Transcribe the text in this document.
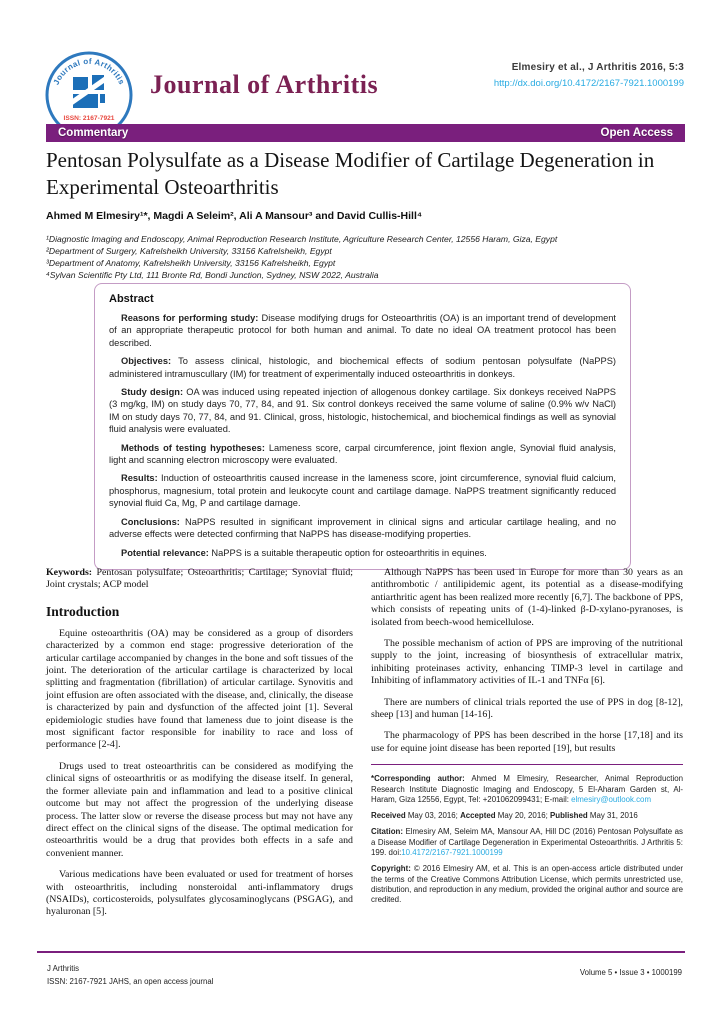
Journal of Arthritis
ISSN: 2167-7921
Journal of Arthritis
Elmesiry et al., J Arthritis 2016, 5:3
http://dx.doi.org/10.4172/2167-7921.1000199
Commentary	Open Access
Pentosan Polysulfate as a Disease Modifier of Cartilage Degeneration in Experimental Osteoarthritis
Ahmed M Elmesiry¹*, Magdi A Seleim², Ali A Mansour³ and David Cullis-Hill⁴
¹Diagnostic Imaging and Endoscopy, Animal Reproduction Research Institute, Agriculture Research Center, 12556 Haram, Giza, Egypt
²Department of Surgery, Kafrelsheikh University, 33156 Kafrelsheikh, Egypt
³Department of Anatomy, Kafrelsheikh University, 33156 Kafrelsheikh, Egypt
⁴Sylvan Scientific Pty Ltd, 111 Bronte Rd, Bondi Junction, Sydney, NSW 2022, Australia
Abstract

Reasons for performing study: Disease modifying drugs for Osteoarthritis (OA) is an important trend of development of an appropriate therapeutic protocol for both human and animal. To date no ideal OA treatment protocol has been described.

Objectives: To assess clinical, histologic, and biochemical effects of sodium pentosan polysulfate (NaPPS) administered intramuscullary (IM) for treatment of experimentally induced osteoarthritis in donkeys.

Study design: OA was induced using repeated injection of allogenous donkey cartilage. Six donkeys received NaPPS (3 mg/kg, IM) on study days 70, 77, 84, and 91. Six control donkeys received the same volume of saline (0.9% w/v NaCl) IM on study days 70, 77, 84, and 91. Clinical, gross, histologic, histochemical, and biochemical findings as well as synovial fluid analysis were evaluated.

Methods of testing hypotheses: Lameness score, carpal circumference, joint flexion angle, Synovial fluid analysis, light and scanning electron microscopy were evaluated.

Results: Induction of osteoarthritis caused increase in the lameness score, joint circumference, synovial fluid calcium, phosphorus, magnesium, total protein and leukocyte count and cartilage damage. NaPPS treatment significantly reduced synovial fluid Ca, Mg, P and cartilage damage.

Conclusions: NaPPS resulted in significant improvement in clinical signs and articular cartilage healing, and no adverse effects were detected confirming that NaPPS has disease-modifying properties.

Potential relevance: NaPPS is a suitable therapeutic option for osteoarthritis in equines.

Keywords: Pentosan polysulfate; Osteoarthritis; Cartilage; Synovial fluid; Joint crystals; ACP model

Introduction

Equine osteoarthritis (OA) may be considered as a group of disorders characterized by a common end stage: progressive deterioration of the articular cartilage accompanied by changes in the bone and soft tissues of the joint. The deterioration of the articular cartilage is characterized by local splitting and fragmentation (fibrillation) of articular cartilage. Synovitis and joint effusion are often associated with the disease, and, clinically, the disease is characterized by pain and dysfunction of the affected joint [1]. Several epidemiologic studies have found that lameness due to joint disease is the most significant factor responsible for inability to race and loss of performance [2-4].

Drugs used to treat osteoarthritis can be considered as modifying the clinical signs of osteoarthritis or as modifying the disease itself. In general, the former alleviate pain and inflammation and lead to a positive clinical outcome but may not affect the progression of the underlying disease process. The latter slow or reverse the disease process but may not have any direct effect on the clinical signs of the disease. The optimal medication for osteoarthritis would be a drug that provides both effects in a safe and convenient manner.

Various medications have been evaluated or used for treatment of horses with osteoarthritis, including nonsteroidal anti-inflammatory drugs (NSAIDs), corticosteroids, polysulfates glycosaminoglycans (PSGAG), and hyaluronan [5].

Although NaPPS has been used in Europe for more than 30 years as an antithrombotic / antilipidemic agent, its potential as a disease-modifying antiarthritic agent has been realized more recently [6,7]. The backbone of PPS, which consists of repeating units of (1-4)-linked β-D-xylano-pyranoses, is isolated from beech-wood hemicellulose.

The possible mechanism of action of PPS are improving of the nutritional supply to the joint, increasing of biosynthesis of extracellular matrix, inhibiting proteinases activity, enhancing TIMP-3 level in cartilage and Inhibiting of inflammatory activities of IL-1 and TNFα [6].

There are numbers of clinical trials reported the use of PPS in dog [8-12], sheep [13] and human [14-16].

The pharmacology of PPS has been described in the horse [17,18] and its use for equine joint disease has been reported [19], but results

*Corresponding author: Ahmed M Elmesiry, Researcher, Animal Reproduction Research Institute Diagnostic Imaging and Endoscopy, 5 El-Aharam Garden st, Al-Haram, Giza 12556, Egypt, Tel: +201062099431; E-mail: elmesiry@outlook.com

Received May 03, 2016; Accepted May 20, 2016; Published May 31, 2016

Citation: Elmesiry AM, Seleim MA, Mansour AA, Hill DC (2016) Pentosan Polysulfate as a Disease Modifier of Cartilage Degeneration in Experimental Osteoarthritis. J Arthritis 5: 199. doi:10.4172/2167-7921.1000199

Copyright: © 2016 Elmesiry AM, et al. This is an open-access article distributed under the terms of the Creative Commons Attribution License, which permits unrestricted use, distribution, and reproduction in any medium, provided the original author and source are credited.

J Arthritis
ISSN: 2167-7921 JAHS, an open access journal
Volume 5 • Issue 3 • 1000199
